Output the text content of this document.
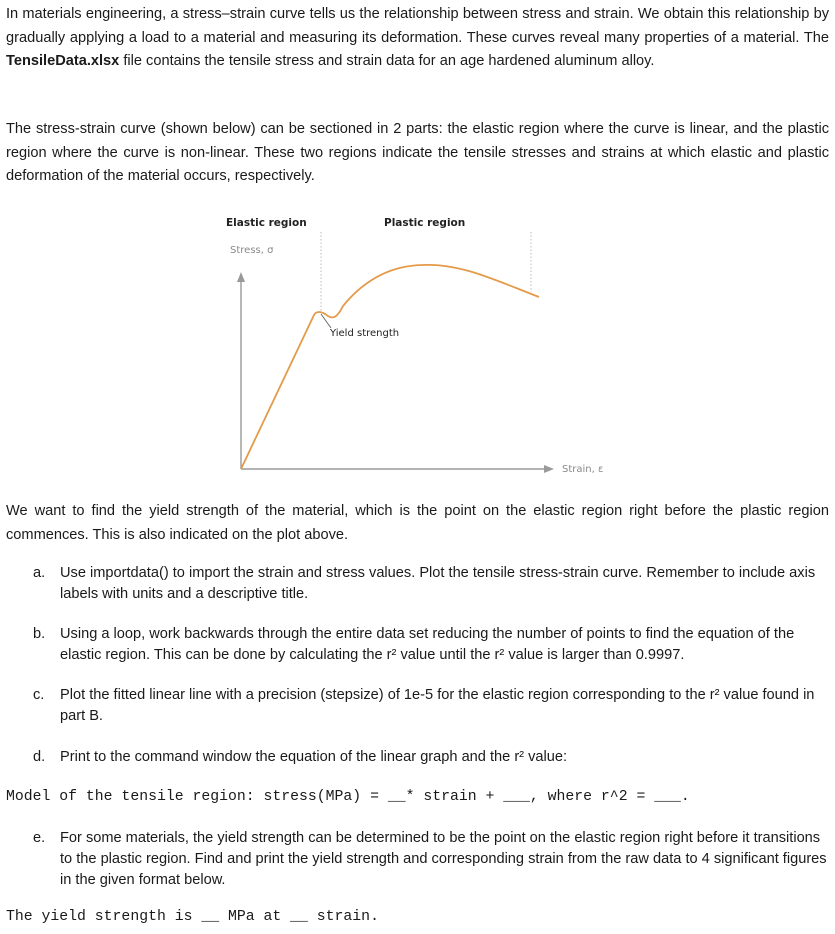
In materials engineering, a stress–strain curve tells us the relationship between stress and strain. We obtain this relationship by gradually applying a load to a material and measuring its deformation. These curves reveal many properties of a material. The TensileData.xlsx file contains the tensile stress and strain data for an age hardened aluminum alloy.

The stress-strain curve (shown below) can be sectioned in 2 parts: the elastic region where the curve is linear, and the plastic region where the curve is non-linear. These two regions indicate the tensile stresses and strains at which elastic and plastic deformation of the material occurs, respectively.

Elastic region	Plastic region
Stress, σ
Strain, ε
Yield strength

We want to find the yield strength of the material, which is the point on the elastic region right before the plastic region commences. This is also indicated on the plot above.

a.	Use importdata() to import the strain and stress values. Plot the tensile stress-strain curve. Remember to include axis labels with units and a descriptive title.
b.	Using a loop, work backwards through the entire data set reducing the number of points to find the equation of the elastic region. This can be done by calculating the r² value until the r² value is larger than 0.9997.
c.	Plot the fitted linear line with a precision (stepsize) of 1e-5 for the elastic region corresponding to the r² value found in part B.
d.	Print to the command window the equation of the linear graph and the r² value:
Model of the tensile region: stress(MPa) = __* strain + ___, where r^2 = ___.
e.	For some materials, the yield strength can be determined to be the point on the elastic region right before it transitions to the plastic region. Find and print the yield strength and corresponding strain from the raw data to 4 significant figures in the given format below.
The yield strength is __ MPa at __ strain.
